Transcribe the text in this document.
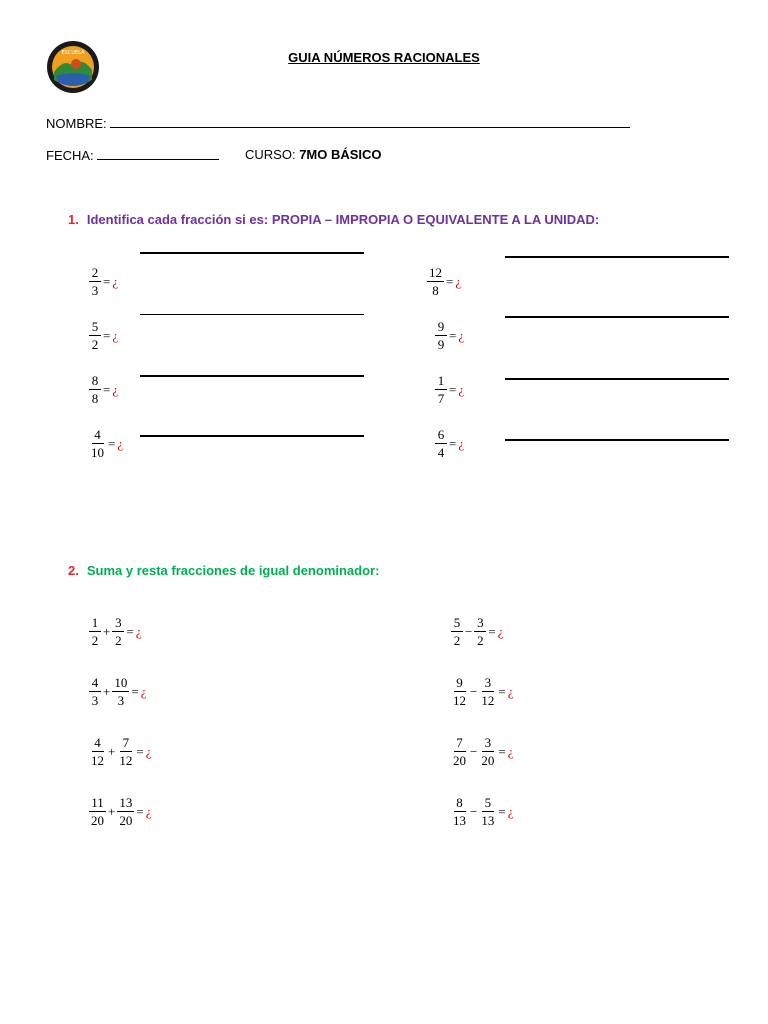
ESCUELA	GUIA NÚMEROS RACIONALES
NOMBRE:
FECHA:	CURSO: 7MO BÁSICO
1. Identifica cada fracción si es: PROPIA – IMPROPIA O EQUIVALENTE A LA UNIDAD:
$\frac{2}{3}$ = ¿
$\frac{5}{2}$ = ¿
$\frac{8}{8}$ = ¿
$\frac{4}{10}$ = ¿
$\frac{12}{8}$ = ¿
$\frac{9}{9}$ = ¿
$\frac{1}{7}$ = ¿
$\frac{6}{4}$ = ¿
2. Suma y resta fracciones de igual denominador:
$\frac{1}{2} + \frac{3}{2}$ = ¿
$\frac{4}{3} + \frac{10}{3}$ = ¿
$\frac{4}{12} + \frac{7}{12}$ = ¿
$\frac{11}{20} + \frac{13}{20}$ = ¿
$\frac{5}{2} - \frac{3}{2}$ = ¿
$\frac{9}{12} - \frac{3}{12}$ = ¿
$\frac{7}{20} - \frac{3}{20}$ = ¿
$\frac{8}{13} - \frac{5}{13}$ = ¿
